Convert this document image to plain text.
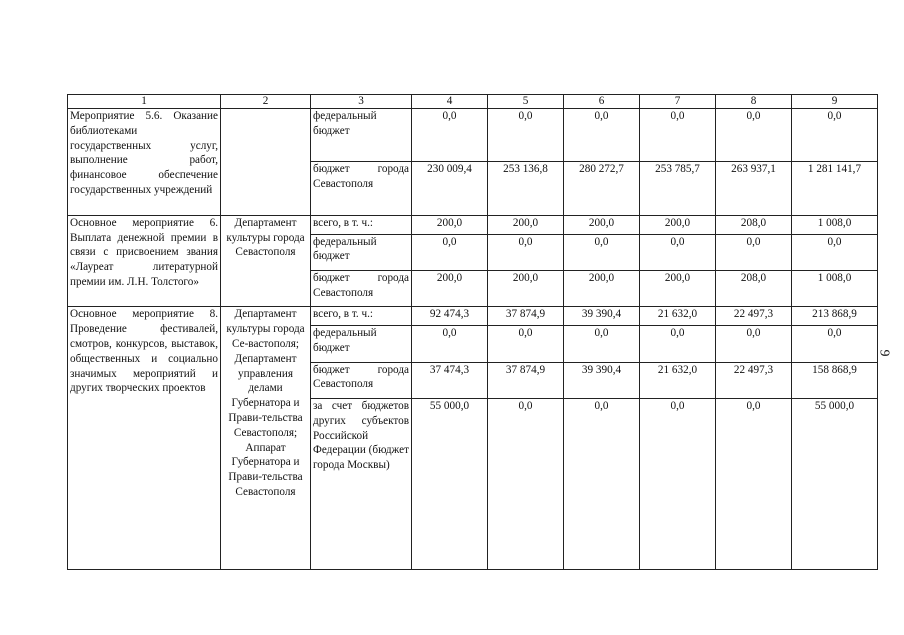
1	2	3	4	5	6	7	8	9
Мероприятие 5.6. Оказание библиотеками государственных услуг, выполнение работ, финансовое обеспечение государственных учреждений		федеральный бюджет	0,0	0,0	0,0	0,0	0,0	0,0
		бюджет города Севастополя	230 009,4	253 136,8	280 272,7	253 785,7	263 937,1	1 281 141,7
Основное мероприятие 6. Выплата денежной премии в связи с присвоением звания «Лауреат литературной премии им. Л.Н. Толстого»	Департамент культуры города Севастополя	всего, в т. ч.:	200,0	200,0	200,0	200,0	208,0	1 008,0
		федеральный бюджет	0,0	0,0	0,0	0,0	0,0	0,0
		бюджет города Севастополя	200,0	200,0	200,0	200,0	208,0	1 008,0
Основное мероприятие 8. Проведение фестивалей, смотров, конкурсов, выставок, общественных и социально значимых мероприятий и других творческих проектов	Департамент культуры города Се-вастополя; Департамент управления делами Губернатора и Прави-тельства Севастополя; Аппарат Губернатора и Прави-тельства Севастополя	всего, в т. ч.:	92 474,3	37 874,9	39 390,4	21 632,0	22 497,3	213 868,9
		федеральный бюджет	0,0	0,0	0,0	0,0	0,0	0,0
		бюджет города Севастополя	37 474,3	37 874,9	39 390,4	21 632,0	22 497,3	158 868,9
		за счет бюджетов других субъектов Российской Федерации (бюджет города Москвы)	55 000,0	0,0	0,0	0,0	0,0	55 000,0
9
